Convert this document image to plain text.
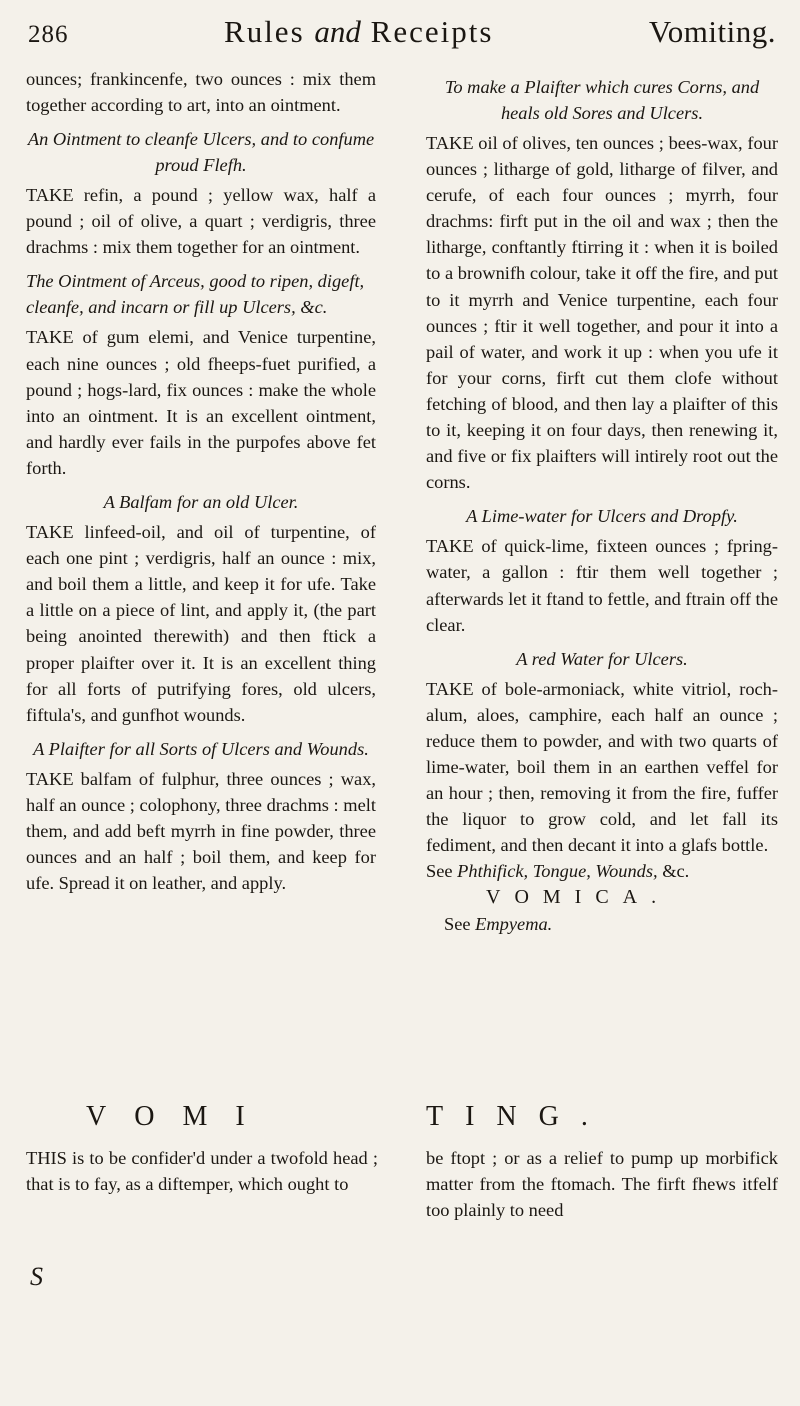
286	Rules and Receipts	Vomiting.

ounces; frankincenfe, two ounces : mix them together according to art, into an ointment.

An Ointment to cleanfe Ulcers, and to confume proud Flefh.

TAKE refin, a pound ; yellow wax, half a pound ; oil of olive, a quart ; verdigris, three drachms : mix them together for an ointment.

The Ointment of Arceus, good to ripen, digeft, cleanfe, and incarn or fill up Ulcers, &c.

TAKE of gum elemi, and Venice turpentine, each nine ounces ; old fheeps-fuet purified, a pound ; hogs-lard, fix ounces : make the whole into an ointment. It is an excellent ointment, and hardly ever fails in the purpofes above fet forth.

A Balfam for an old Ulcer.

TAKE linfeed-oil, and oil of turpentine, of each one pint ; verdigris, half an ounce : mix, and boil them a little, and keep it for ufe. Take a little on a piece of lint, and apply it, (the part being anointed therewith) and then ftick a proper plaifter over it. It is an excellent thing for all forts of putrifying fores, old ulcers, fiftula's, and gunfhot wounds.

A Plaifter for all Sorts of Ulcers and Wounds.

TAKE balfam of fulphur, three ounces ; wax, half an ounce ; colophony, three drachms : melt them, and add beft myrrh in fine powder, three ounces and an half ; boil them, and keep for ufe. Spread it on leather, and apply.

To make a Plaifter which cures Corns, and heals old Sores and Ulcers.

TAKE oil of olives, ten ounces ; bees-wax, four ounces ; litharge of gold, litharge of filver, and cerufe, of each four ounces ; myrrh, four drachms: firft put in the oil and wax ; then the litharge, conftantly ftirring it : when it is boiled to a brownifh colour, take it off the fire, and put to it myrrh and Venice turpentine, each four ounces ; ftir it well together, and pour it into a pail of water, and work it up : when you ufe it for your corns, firft cut them clofe without fetching of blood, and then lay a plaifter of this to it, keeping it on four days, then renewing it, and five or fix plaifters will intirely root out the corns.

A Lime-water for Ulcers and Dropfy.

TAKE of quick-lime, fixteen ounces ; fpring-water, a gallon : ftir them well together ; afterwards let it ftand to fettle, and ftrain off the clear.

A red Water for Ulcers.

TAKE of bole-armoniack, white vitriol, roch-alum, aloes, camphire, each half an ounce ; reduce them to powder, and with two quarts of lime-water, boil them in an earthen veffel for an hour ; then, removing it from the fire, fuffer the liquor to grow cold, and let fall its fediment, and then decant it into a glafs bottle.

See Phthifick, Tongue, Wounds, &c.
VOMICA.
See Empyema.
VOMI	TING.
THIS is to be confider'd under a twofold head ; that is to fay, as a diftemper, which ought to
be ftopt ; or as a relief to pump up morbifick matter from the ftomach. The firft fhews itfelf too plainly to need
S
